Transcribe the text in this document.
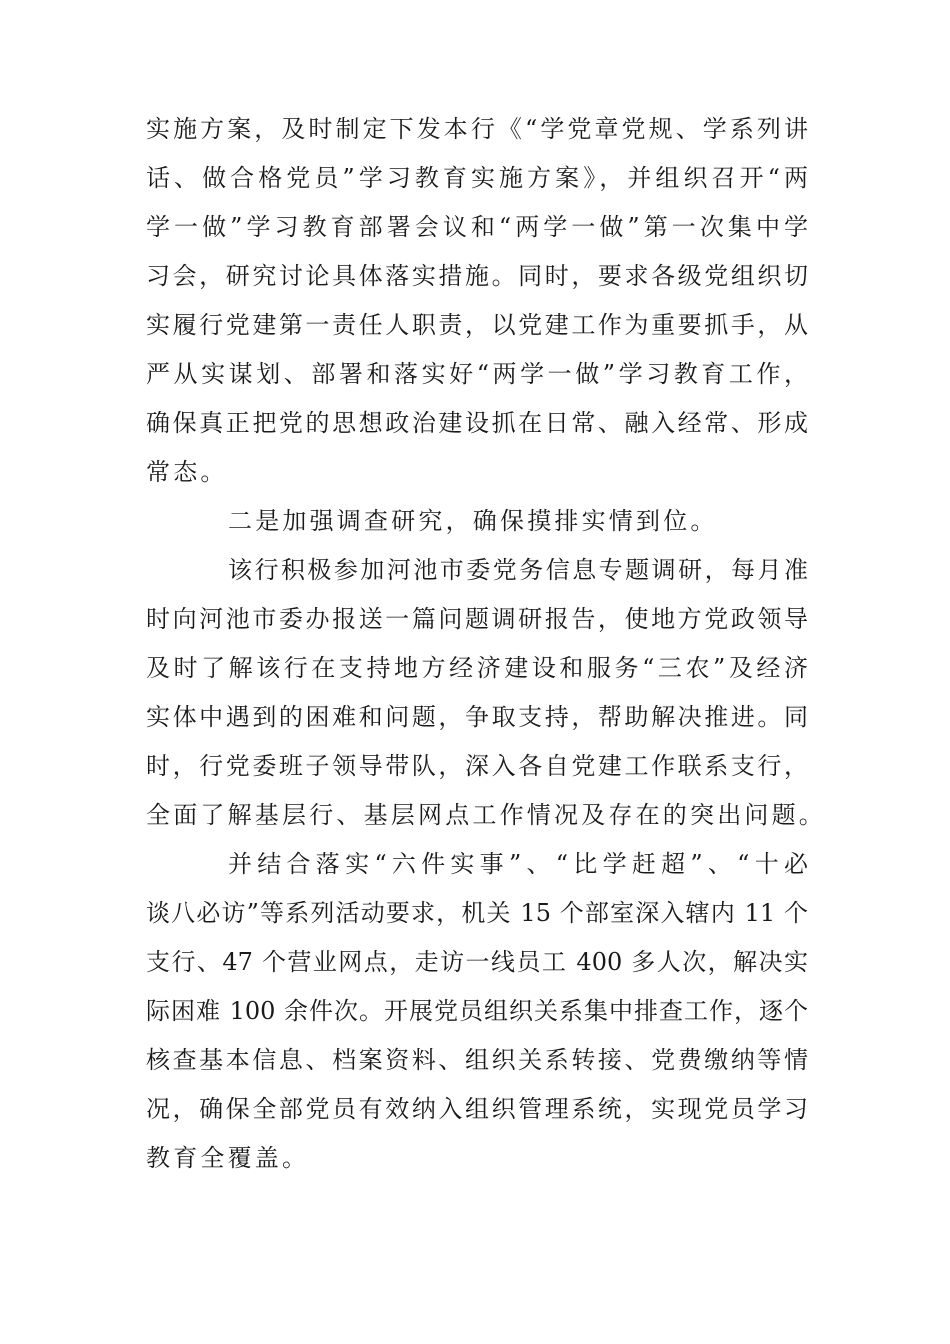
实施方案，及时制定下发本行《“学党章党规、学系列讲
话、做合格党员”学习教育实施方案》，并组织召开“两
学一做”学习教育部署会议和“两学一做”第一次集中学
习会，研究讨论具体落实措施。同时，要求各级党组织切
实履行党建第一责任人职责，以党建工作为重要抓手，从
严从实谋划、部署和落实好“两学一做”学习教育工作，
确保真正把党的思想政治建设抓在日常、融入经常、形成
常态。
二是加强调查研究，确保摸排实情到位。
该行积极参加河池市委党务信息专题调研，每月准
时向河池市委办报送一篇问题调研报告，使地方党政领导
及时了解该行在支持地方经济建设和服务“三农”及经济
实体中遇到的困难和问题，争取支持，帮助解决推进。同
时，行党委班子领导带队，深入各自党建工作联系支行，
全面了解基层行、基层网点工作情况及存在的突出问题。
并结合落实“六件实事”、“比学赶超”、“十必
谈八必访”等系列活动要求，机关 15 个部室深入辖内 11 个
支行、47 个营业网点，走访一线员工 400 多人次，解决实
际困难 100 余件次。开展党员组织关系集中排查工作，逐个
核查基本信息、档案资料、组织关系转接、党费缴纳等情
况，确保全部党员有效纳入组织管理系统，实现党员学习
教育全覆盖。
